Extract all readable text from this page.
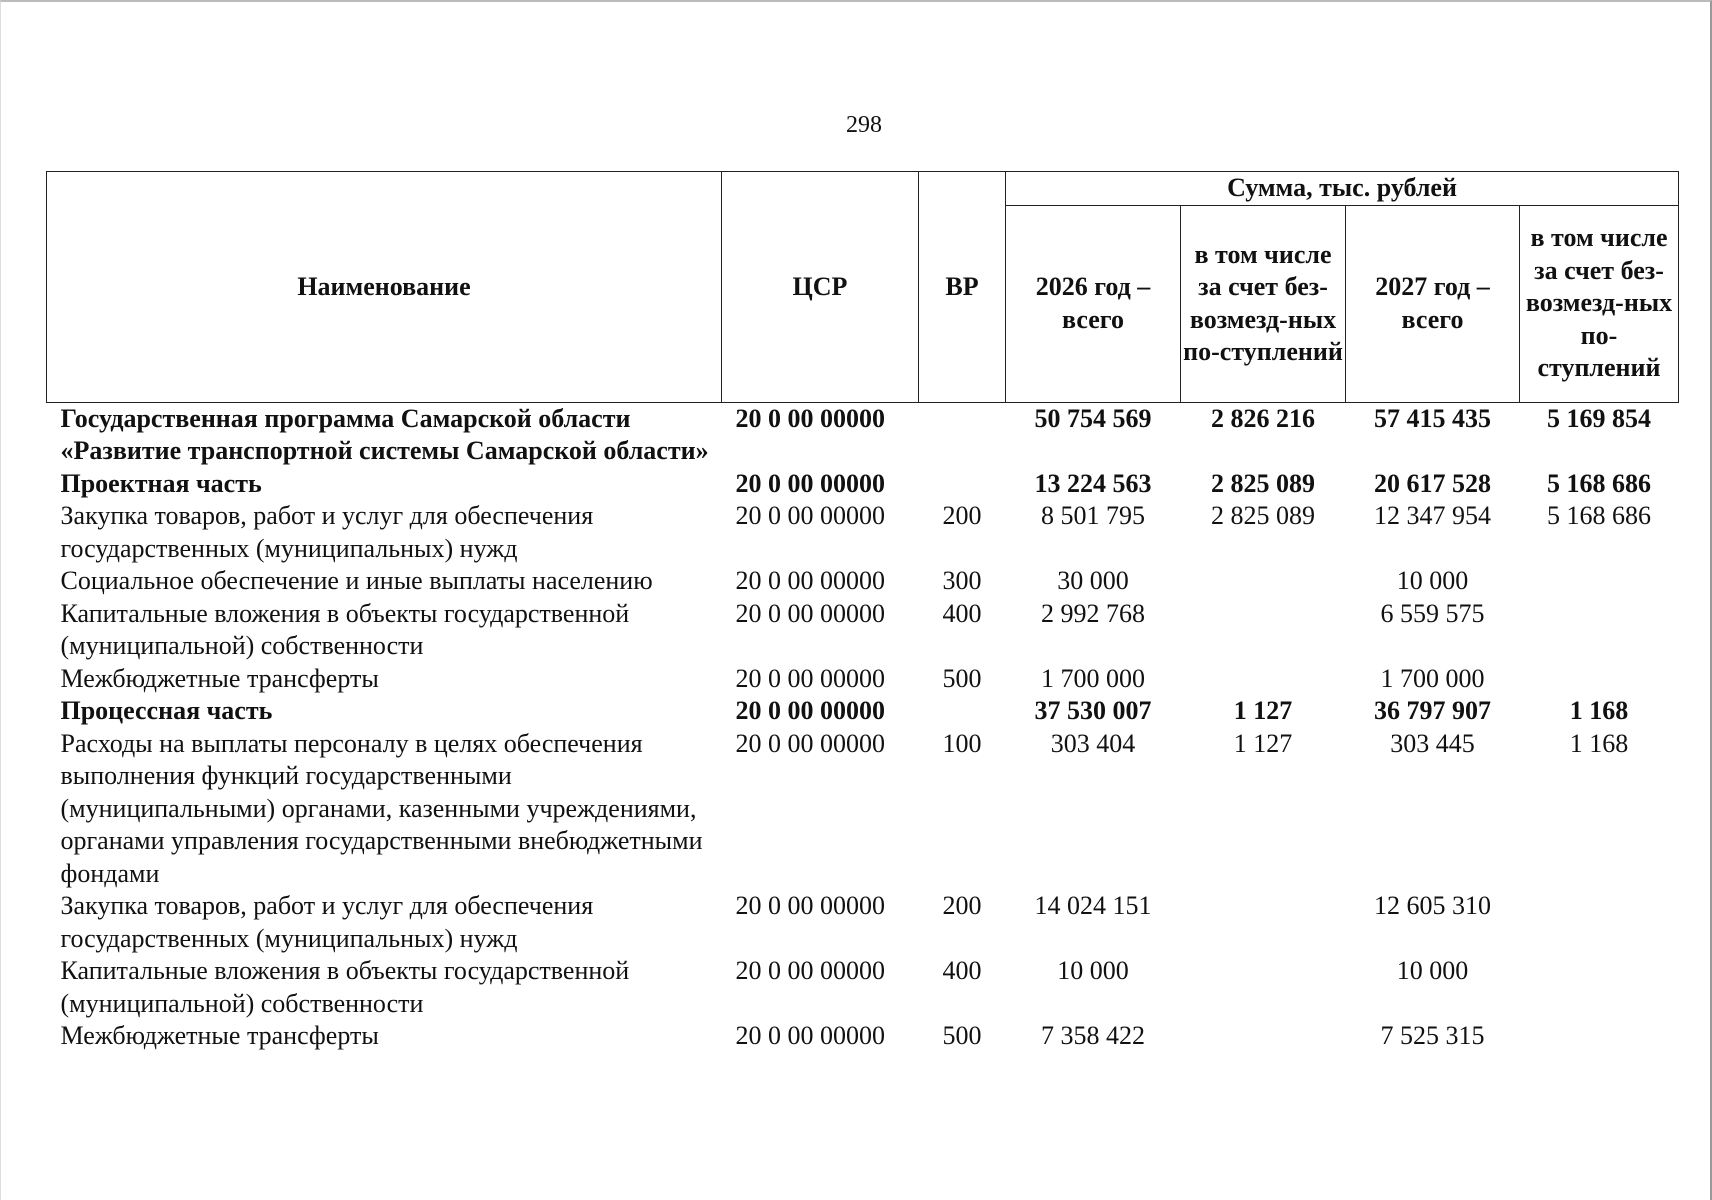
298
Наименование	ЦСР	ВР	Сумма, тыс. рублей			
			2026 год – всего	в том числе за счет без-возмезд-ных по-ступлений	2027 год – всего	в том числе за счет без-возмезд-ных по-ступлений
Государственная программа Самарской области «Развитие транспортной системы Самарской области»	20 0 00 00000		50 754 569	2 826 216	57 415 435	5 169 854
Проектная часть	20 0 00 00000		13 224 563	2 825 089	20 617 528	5 168 686
Закупка товаров, работ и услуг для обеспечения государственных (муниципальных) нужд	20 0 00 00000	200	8 501 795	2 825 089	12 347 954	5 168 686
Социальное обеспечение и иные выплаты населению	20 0 00 00000	300	30 000		10 000	
Капитальные вложения в объекты государственной (муниципальной) собственности	20 0 00 00000	400	2 992 768		6 559 575	
Межбюджетные трансферты	20 0 00 00000	500	1 700 000		1 700 000	
Процессная часть	20 0 00 00000		37 530 007	1 127	36 797 907	1 168
Расходы на выплаты персоналу в целях обеспечения выполнения функций государственными (муниципальными) органами, казенными учреждениями, органами управления государственными внебюджетными фондами	20 0 00 00000	100	303 404	1 127	303 445	1 168
Закупка товаров, работ и услуг для обеспечения государственных (муниципальных) нужд	20 0 00 00000	200	14 024 151		12 605 310	
Капитальные вложения в объекты государственной (муниципальной) собственности	20 0 00 00000	400	10 000		10 000	
Межбюджетные трансферты	20 0 00 00000	500	7 358 422		7 525 315	
